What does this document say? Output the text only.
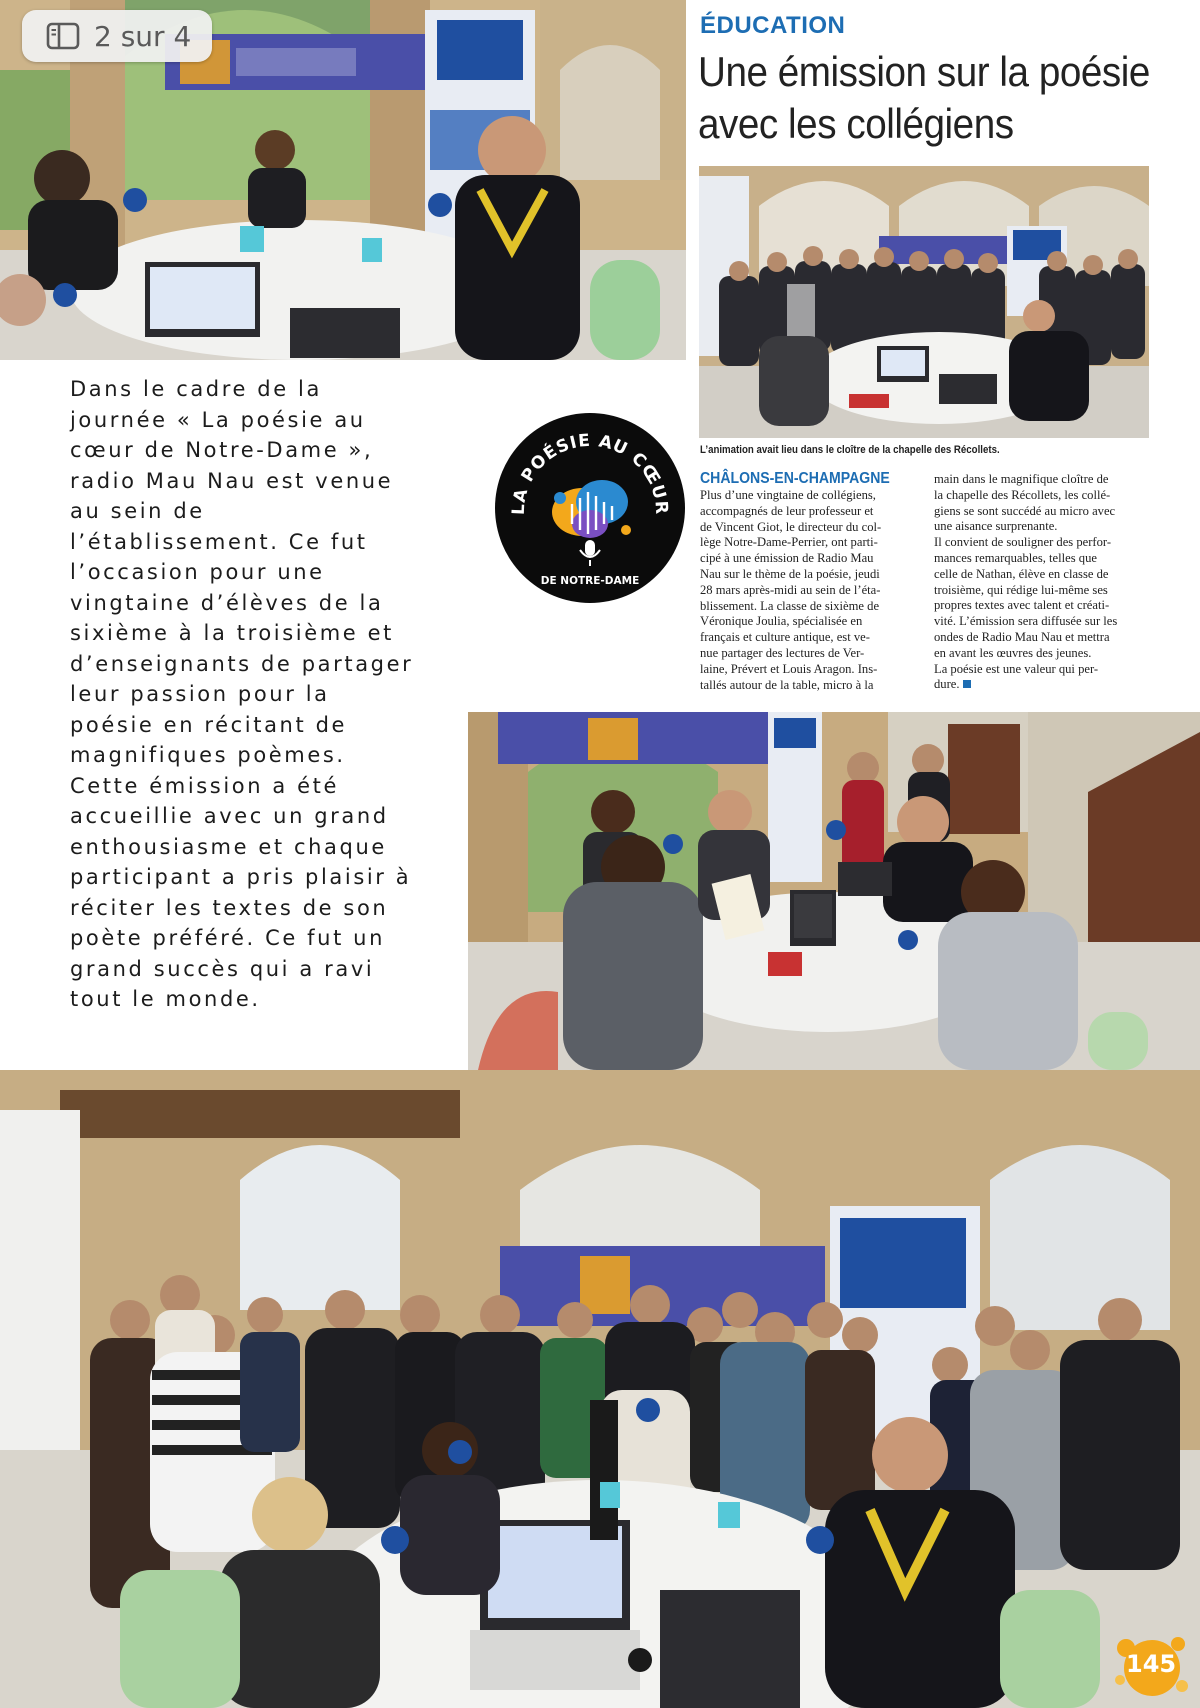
2 sur 4
Dans le cadre de la
journée « La poésie au
cœur de Notre-Dame »,
radio Mau Nau est venue
au sein de
l’établissement. Ce fut
l’occasion pour une
vingtaine d’élèves de la
sixième à la troisième et
d’enseignants de partager
leur passion pour la
poésie en récitant de
magnifiques poèmes.
Cette émission a été
accueillie avec un grand
enthousiasme et chaque
participant a pris plaisir à
réciter les textes de son
poète préféré. Ce fut un
grand succès qui a ravi
tout le monde.
LA POÉSIE AU CŒUR
DE NOTRE-DAME
ÉDUCATION
Une émission sur la poésie
avec les collégiens
L’animation avait lieu dans le cloître de la chapelle des Récollets.
CHÂLONS-EN-CHAMPAGNE
Plus d’une vingtaine de collégiens,
accompagnés de leur professeur et
de Vincent Giot, le directeur du col-
lège Notre-Dame-Perrier, ont parti-
cipé à une émission de Radio Mau
Nau sur le thème de la poésie, jeudi
28 mars après-midi au sein de l’éta-
blissement. La classe de sixième de
Véronique Joulia, spécialisée en
français et culture antique, est ve-
nue partager des lectures de Ver-
laine, Prévert et Louis Aragon. Ins-
tallés autour de la table, micro à la
main dans le magnifique cloître de
la chapelle des Récollets, les collé-
giens se sont succédé au micro avec
une aisance surprenante.
Il convient de souligner des perfor-
mances remarquables, telles que
celle de Nathan, élève en classe de
troisième, qui rédige lui-même ses
propres textes avec talent et créati-
vité. L’émission sera diffusée sur les
ondes de Radio Mau Nau et mettra
en avant les œuvres des jeunes.
La poésie est une valeur qui per-
dure.
145
